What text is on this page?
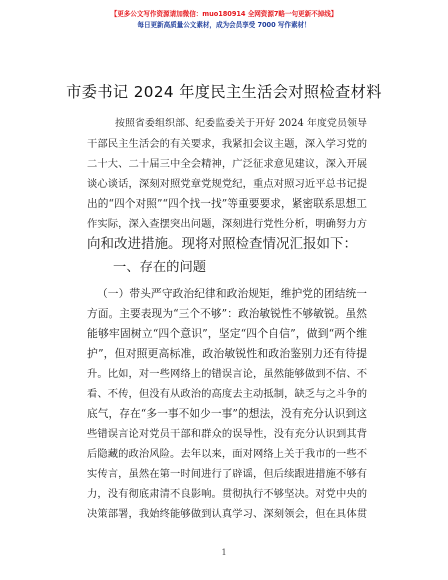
【更多公文写作资源请加微信：muo180914 全网资源7略一句更新不掉线】
每日更新高质量公文素材，成为会员享受 7000 写作素材！
市委书记 2024 年度民主生活会对照检查材料
按照省委组织部、纪委监委关于开好 2024 年度党员领导
干部民主生活会的有关要求，我紧扣会议主题，深入学习党的
二十大、二十届三中全会精神，广泛征求意见建议，深入开展
谈心谈话，深刻对照党章党规党纪，重点对照习近平总书记提
出的“四个对照”“四个找一找”等重要要求，紧密联系思想工
作实际，深入查摆突出问题，深刻进行党性分析，明确努力方
向和改进措施。现将对照检查情况汇报如下：
一、存在的问题
（一）带头严守政治纪律和政治规矩，维护党的团结统一
方面。主要表现为“三个不够”：政治敏锐性不够敏锐。虽然
能够牢固树立“四个意识”，坚定“四个自信”，做到“两个维
护”，但对照更高标准，政治敏锐性和政治鉴别力还有待提
升。比如，对一些网络上的错误言论，虽然能够做到不信、不
看、不传，但没有从政治的高度去主动抵制，缺乏与之斗争的
底气，存在“多一事不如少一事”的想法，没有充分认识到这
些错误言论对党员干部和群众的误导性，没有充分认识到其背
后隐藏的政治风险。去年以来，面对网络上关于我市的一些不
实传言，虽然在第一时间进行了辟谣，但后续跟进措施不够有
力，没有彻底肃清不良影响。贯彻执行不够坚决。对党中央的
决策部署，我始终能够做到认真学习、深刻领会，但在具体贯
1
